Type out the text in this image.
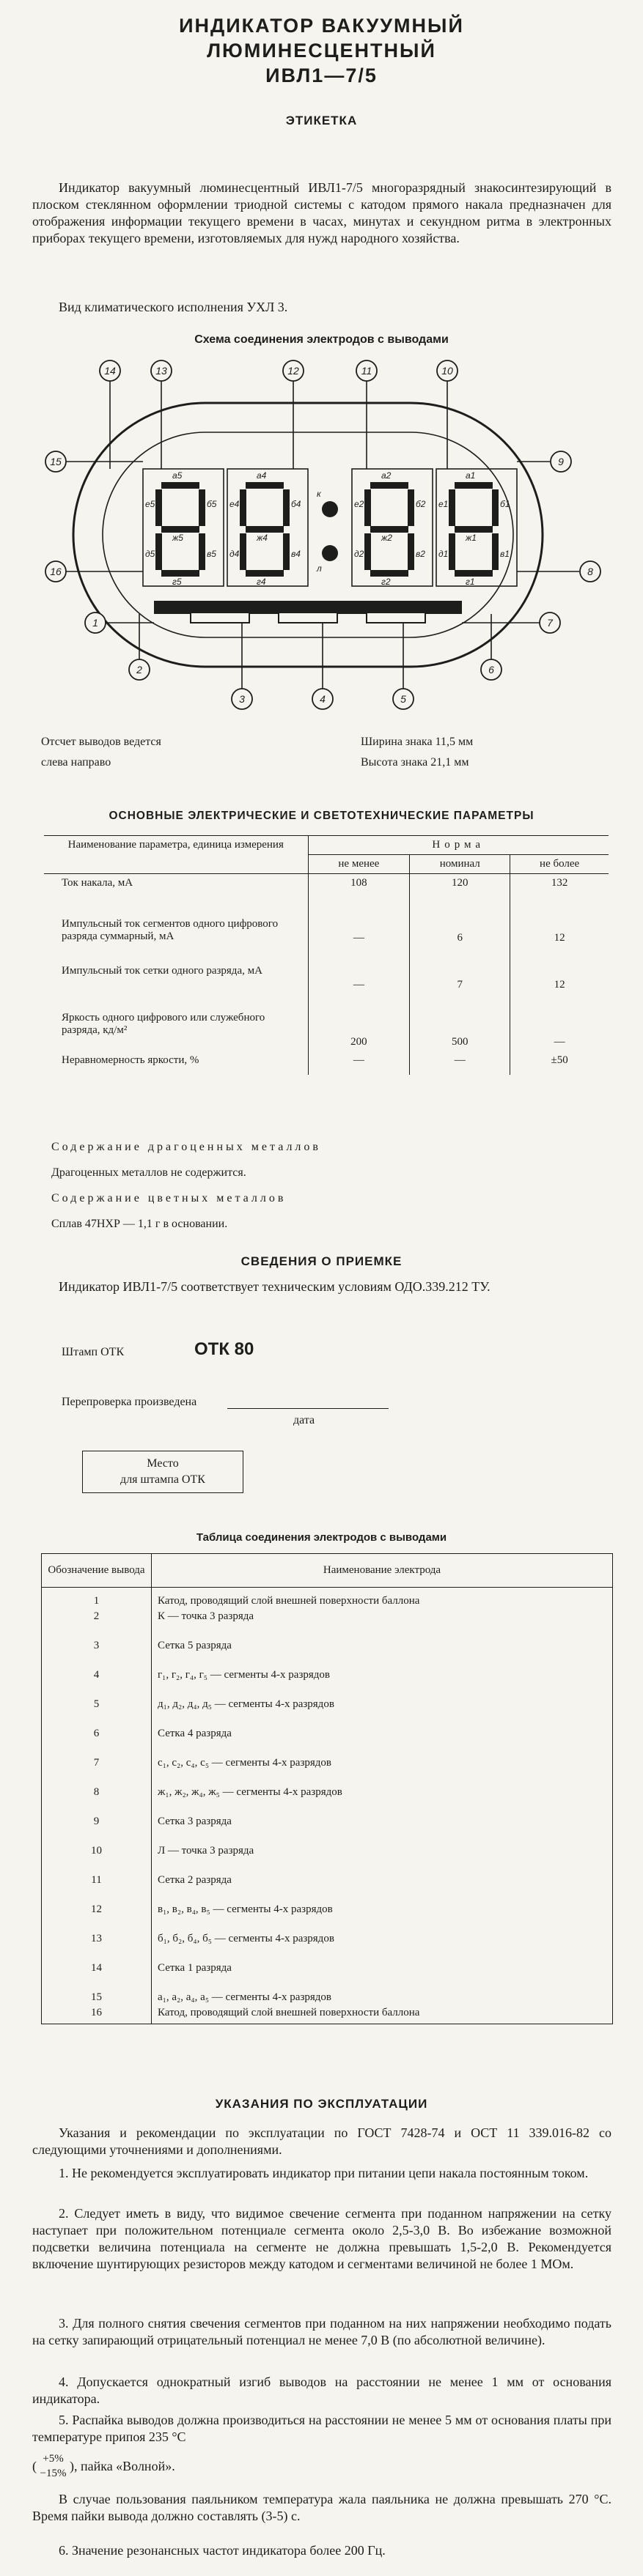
ИНДИКАТОР ВАКУУМНЫЙ
ЛЮМИНЕСЦЕНТНЫЙ
ИВЛ1—7/5
ЭТИКЕТКА
Индикатор вакуумный люминесцентный ИВЛ1-7/5 многоразрядный знакосинтезирующий в плоском стеклянном оформлении триодной системы с катодом прямого накала предназначен для отображения информации текущего времени в часах, минутах и секундном ритма в электронных приборах текущего времени, изготовляемых для нужд народного хозяйства.
Вид климатического исполнения УХЛ 3.
Схема соединения электродов с выводами
а5
б5
в5
г5
д5
е5
ж5
а4
б4
в4
г4
д4
е4
ж4
а2
б2
в2
г2
д2
е2
ж2
а1
б1
в1
г1
д1
е1
ж1
к
л
1
2
3	4	5
6
7
8
9
10
11
12
13
14
15
16
Отсчет выводов ведется
слева направо
Ширина знака 11,5 мм
Высота знака 21,1 мм
ОСНОВНЫЕ ЭЛЕКТРИЧЕСКИЕ И СВЕТОТЕХНИЧЕСКИЕ ПАРАМЕТРЫ
Наименование параметра, единица измерения	Норма		
	не менее	номинал	не более
Ток накала, мА	108	120	132
Импульсный ток сегментов одного цифрового разряда суммарный, мА	—	6	12
Импульсный ток сетки одного разряда, мА	—	7	12
Яркость одного цифрового или служебного разряда, кд/м²	200	500	—
Неравномерность яркости, %	—	—	±50
Содержание драгоценных металлов
Драгоценных металлов не содержится.
Содержание цветных металлов
Сплав 47НХР — 1,1 г в основании.
СВЕДЕНИЯ О ПРИЕМКЕ
Индикатор ИВЛ1-7/5 соответствует техническим условиям ОДО.339.212 ТУ.
Штамп ОТК	ОТК 80
Перепроверка произведена
дата
Место
для штампа ОТК
Таблица соединения электродов с выводами
Обозначение вывода	Наименование электрода
1	Катод, проводящий слой внешней поверхности баллона
2	К — точка 3 разряда
3	Сетка 5 разряда
4	г₁, г₂, г₄, г₅ — сегменты 4-х разрядов
5	д₁, д₂, д₄, д₅ — сегменты 4-х разрядов
6	Сетка 4 разряда
7	с₁, с₂, с₄, с₅ — сегменты 4-х разрядов
8	ж₁, ж₂, ж₄, ж₅ — сегменты 4-х разрядов
9	Сетка 3 разряда
10	Л — точка 3 разряда
11	Сетка 2 разряда
12	в₁, в₂, в₄, в₅ — сегменты 4-х разрядов
13	б₁, б₂, б₄, б₅ — сегменты 4-х разрядов
14	Сетка 1 разряда
15	а₁, а₂, а₄, а₅ — сегменты 4-х разрядов
16	Катод, проводящий слой внешней поверхности баллона
УКАЗАНИЯ ПО ЭКСПЛУАТАЦИИ
Указания и рекомендации по эксплуатации по ГОСТ 7428-74 и ОСТ 11 339.016-82 со следующими уточнениями и дополнениями.
1. Не рекомендуется эксплуатировать индикатор при питании цепи накала постоянным током.
2. Следует иметь в виду, что видимое свечение сегмента при поданном напряжении на сетку наступает при положительном потенциале сегмента около 2,5-3,0 В. Во избежание возможной подсветки величина потенциала на сегменте не должна превышать 1,5-2,0 В. Рекомендуется включение шунтирующих резисторов между катодом и сегментами величиной не более 1 МОм.
3. Для полного снятия свечения сегментов при поданном на них напряжении необходимо подать на сетку запирающий отрицательный потенциал не менее 7,0 В (по абсолютной величине).
4. Допускается однократный изгиб выводов на расстоянии не менее 1 мм от основания индикатора.
5. Распайка выводов должна производиться на расстоянии не менее 5 мм от основания платы при температуре припоя 235 °С
( +5%
−15% ), пайка «Волной».
В случае пользования паяльником температура жала паяльника не должна превышать 270 °С. Время пайки вывода должно составлять (3-5) с.
6. Значение резонансных частот индикатора более 200 Гц.
